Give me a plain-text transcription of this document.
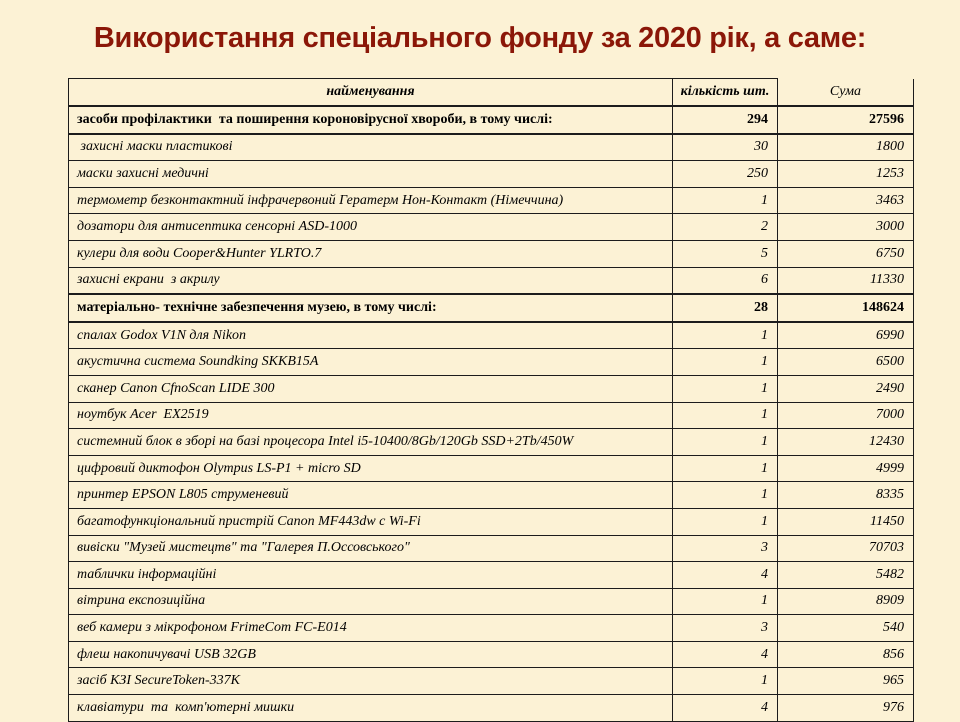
Використання спеціального фонду за 2020 рік, а саме:
найменування	кількість шт.	Сума
засоби профілактики  та поширення короновірусної хвороби, в тому числі:	294	27596
захисні маски пластикові	30	1800
маски захисні медичні	250	1253
термометр безконтактний інфрачервоний Гератерм Нон-Контакт (Німеччина)	1	3463
дозатори для антисептика сенсорні ASD-1000	2	3000
кулери для води Cooper&Hunter YLRTO.7	5	6750
захисні екрани  з акрилу	6	11330
матеріально- технічне забезпечення музею, в тому числі:	28	148624
спалах Godox V1N для Nikon	1	6990
акустична система Soundking SKKB15A	1	6500
сканер Canon CfnoScan LIDE 300	1	2490
ноутбук Acer  EX2519	1	7000
системний блок в зборі на базі процесора Intel i5-10400/8Gb/120Gb SSD+2Tb/450W	1	12430
цифровий диктофон Olympus LS-P1 + micro SD	1	4999
принтер EPSON L805 струменевий	1	8335
багатофункціональний пристрій Canon MF443dw с Wi-Fi	1	11450
вивіски "Музей мистецтв" та "Галерея П.Оссовського"	3	70703
таблички інформаційні	4	5482
вітрина експозиційна	1	8909
веб камери з мікрофоном FrimeCom FC-E014	3	540
флеш накопичувачі USB 32GB	4	856
засіб КЗІ SecureToken-337K	1	965
клавіатури  та  комп'ютерні мишки	4	976
